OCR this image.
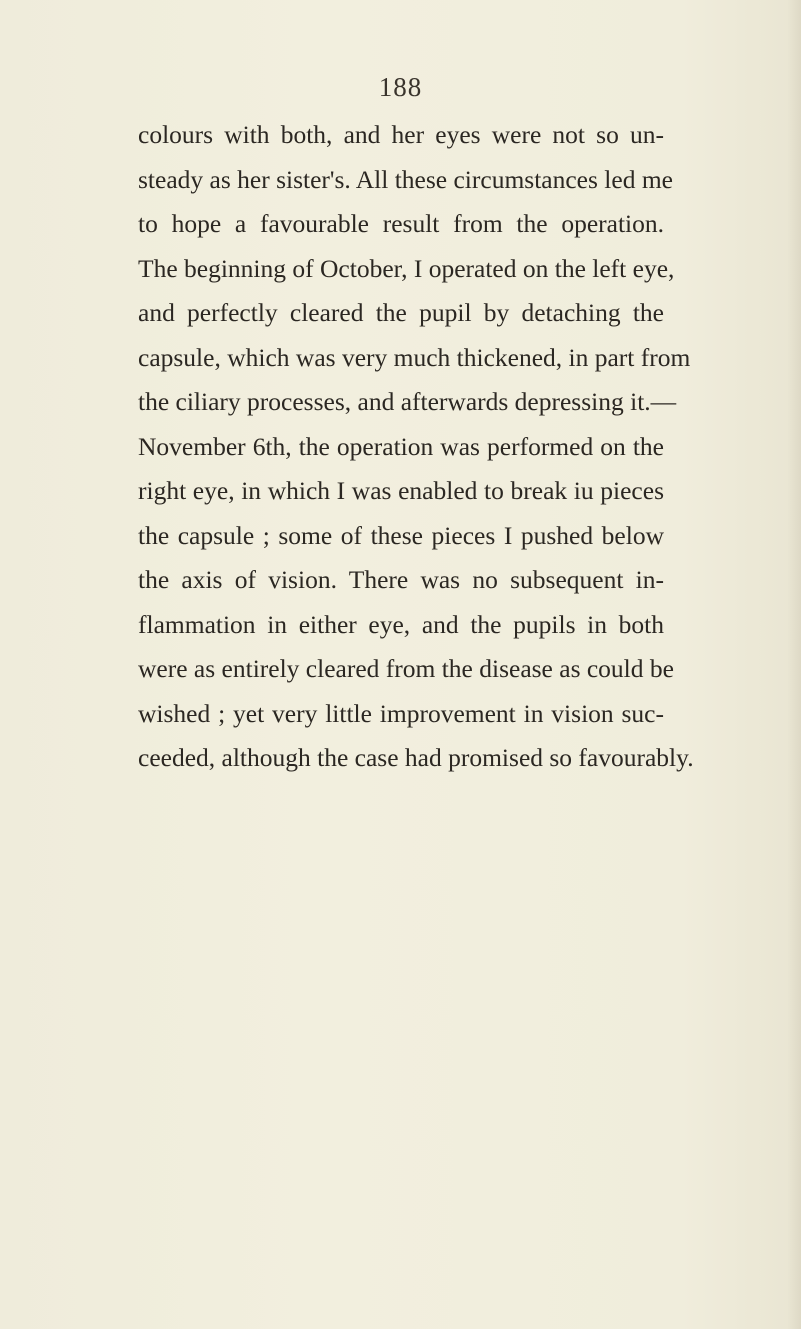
188
colours with both, and her eyes were not so un-
steady as her sister's. All these circumstances led me
to hope a favourable result from the operation.
The beginning of October, I operated on the left eye,
and perfectly cleared the pupil by detaching the
capsule, which was very much thickened, in part from
the ciliary processes, and afterwards depressing it.—
November 6th, the operation was performed on the
right eye, in which I was enabled to break iu pieces
the capsule ; some of these pieces I pushed below
the axis of vision. There was no subsequent in-
flammation in either eye, and the pupils in both
were as entirely cleared from the disease as could be
wished ; yet very little improvement in vision suc-
ceeded, although the case had promised so favourably.
